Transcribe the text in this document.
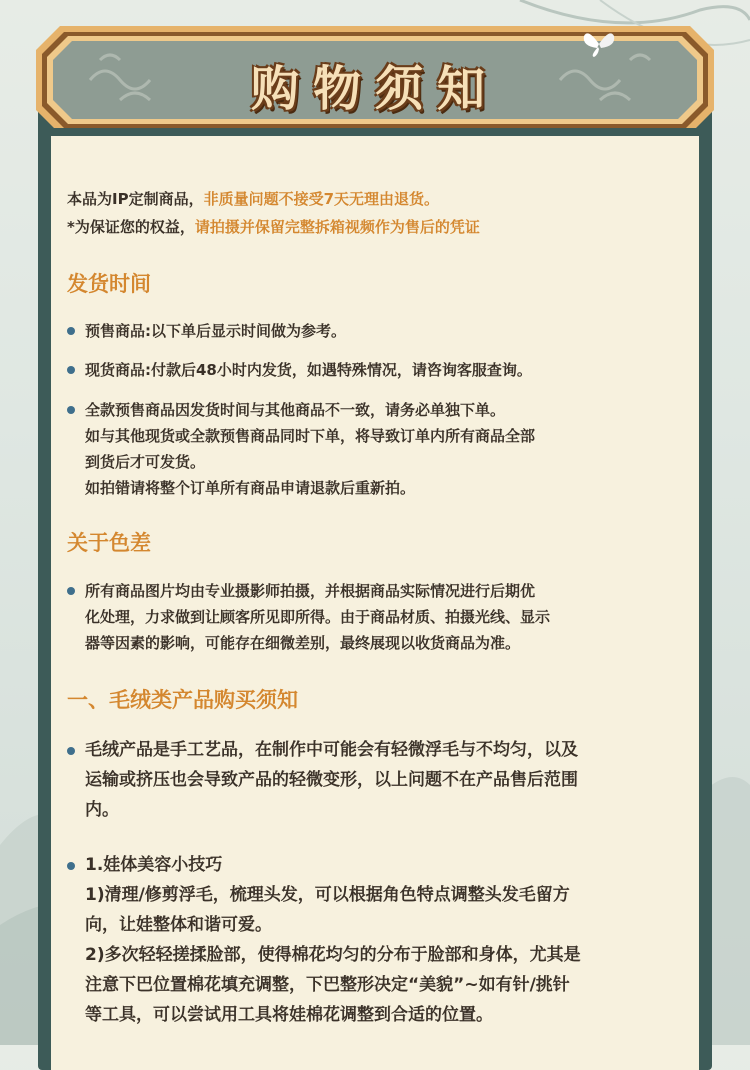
购物须知

本品为IP定制商品，非质量问题不接受7天无理由退货。

*为保证您的权益，请拍摄并保留完整拆箱视频作为售后的凭证

发货时间

预售商品:以下单后显示时间做为参考。

现货商品:付款后48小时内发货，如遇特殊情况，请咨询客服查询。

全款预售商品因发货时间与其他商品不一致，请务必单独下单。

如与其他现货或全款预售商品同时下单，将导致订单内所有商品全部

到货后才可发货。

如拍错请将整个订单所有商品申请退款后重新拍。

关于色差

所有商品图片均由专业摄影师拍摄，并根据商品实际情况进行后期优

化处理，力求做到让顾客所见即所得。由于商品材质、拍摄光线、显示

器等因素的影响，可能存在细微差别，最终展现以收货商品为准。

一、毛绒类产品购买须知

毛绒产品是手工艺品，在制作中可能会有轻微浮毛与不均匀，以及

运输或挤压也会导致产品的轻微变形，以上问题不在产品售后范围

内。

1.娃体美容小技巧

1)清理/修剪浮毛，梳理头发，可以根据角色特点调整头发毛留方

向，让娃整体和谐可爱。

2)多次轻轻搓揉脸部，使得棉花均匀的分布于脸部和身体，尤其是

注意下巴位置棉花填充调整，下巴整形决定“美貌”~如有针/挑针

等工具，可以尝试用工具将娃棉花调整到合适的位置。
